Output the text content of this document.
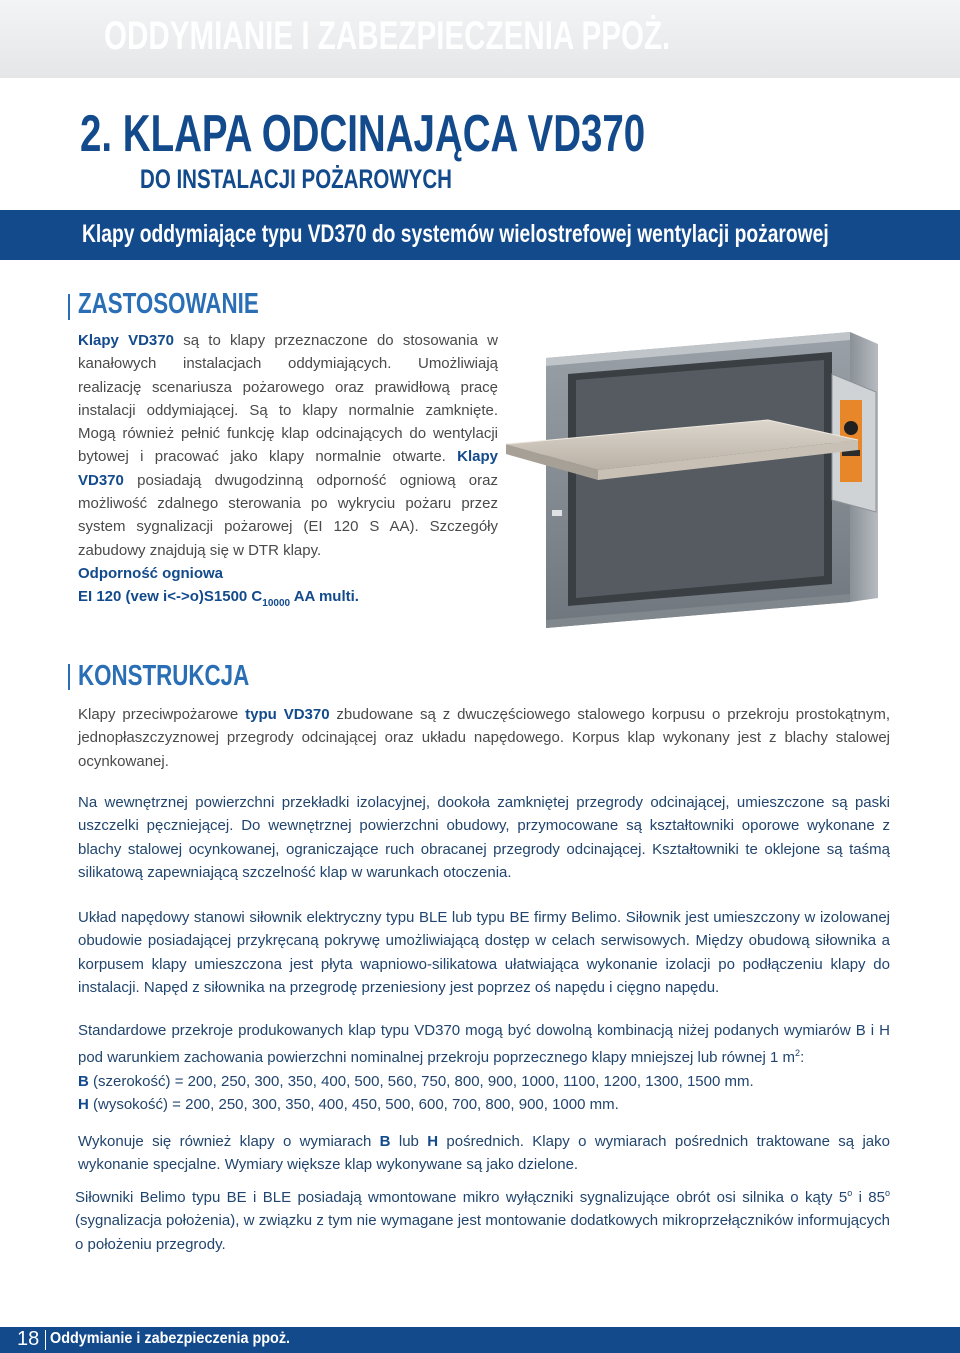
ODDYMIANIE I ZABEZPIECZENIA PPOŻ.
2. KLAPA ODCINAJĄCA VD370
DO INSTALACJI POŻAROWYCH
Klapy oddymiające typu VD370 do systemów wielostrefowej wentylacji pożarowej
ZASTOSOWANIE
Klapy VD370 są to klapy przeznaczone do stosowania w kanałowych instalacjach oddymiających. Umożliwiają realizację scenariusza pożarowego oraz prawidłową pracę instalacji oddymiającej. Są to klapy normalnie zamknięte. Mogą również pełnić funkcję klap odcinających do wentylacji bytowej i pracować jako klapy normalnie otwarte. Klapy VD370 posiadają dwugodzinną odporność ogniową oraz możliwość zdalnego sterowania po wykryciu pożaru przez system sygnalizacji pożarowej (EI 120 S AA). Szczegóły zabudowy znajdują się w DTR klapy.
Odporność ogniowa
EI 120 (vew i<->o)S1500 $C_{10000}$ AA multi.
KONSTRUKCJA
Klapy przeciwpożarowe typu VD370 zbudowane są z dwuczęściowego stalowego korpusu o przekroju prostokątnym, jednopłaszczyznowej przegrody odcinającej oraz układu napędowego. Korpus klap wykonany jest z blachy stalowej ocynkowanej.
Na wewnętrznej powierzchni przekładki izolacyjnej, dookoła zamkniętej przegrody odcinającej, umieszczone są paski uszczelki pęczniejącej. Do wewnętrznej powierzchni obudowy, przymocowane są kształtowniki oporowe wykonane z blachy stalowej ocynkowanej, ograniczające ruch obracanej przegrody odcinającej. Kształtowniki te oklejone są taśmą silikatową zapewniającą szczelność klap w warunkach otoczenia.
Układ napędowy stanowi siłownik elektryczny typu BLE lub typu BE firmy Belimo. Siłownik jest umieszczony w izolowanej obudowie posiadającej przykręcaną pokrywę umożliwiającą dostęp w celach serwisowych. Między obudową siłownika a korpusem klapy umieszczona jest płyta wapniowo-silikatowa ułatwiająca wykonanie izolacji po podłączeniu klapy do instalacji. Napęd z siłownika na przegrodę przeniesiony jest poprzez oś napędu i cięgno napędu.
Standardowe przekroje produkowanych klap typu VD370 mogą być dowolną kombinacją niżej podanych wymiarów B i H pod warunkiem zachowania powierzchni nominalnej przekroju poprzecznego klapy mniejszej lub równej 1 $m^2$:
B (szerokość) = 200, 250, 300, 350, 400, 500, 560, 750, 800, 900, 1000, 1100, 1200, 1300, 1500 mm.
H (wysokość) = 200, 250, 300, 350, 400, 450, 500, 600, 700, 800, 900, 1000 mm.
Wykonuje się również klapy o wymiarach B lub H pośrednich. Klapy o wymiarach pośrednich traktowane są jako wykonanie specjalne. Wymiary większe klap wykonywane są jako dzielone.
Siłowniki Belimo typu BE i BLE posiadają wmontowane mikro wyłączniki sygnalizujące obrót osi silnika o kąty 5$^o$ i 85$^o$ (sygnalizacja położenia), w związku z tym nie wymagane jest montowanie dodatkowych mikroprzełączników informujących o położeniu przegrody.
18 Oddymianie i zabezpieczenia ppoż.
